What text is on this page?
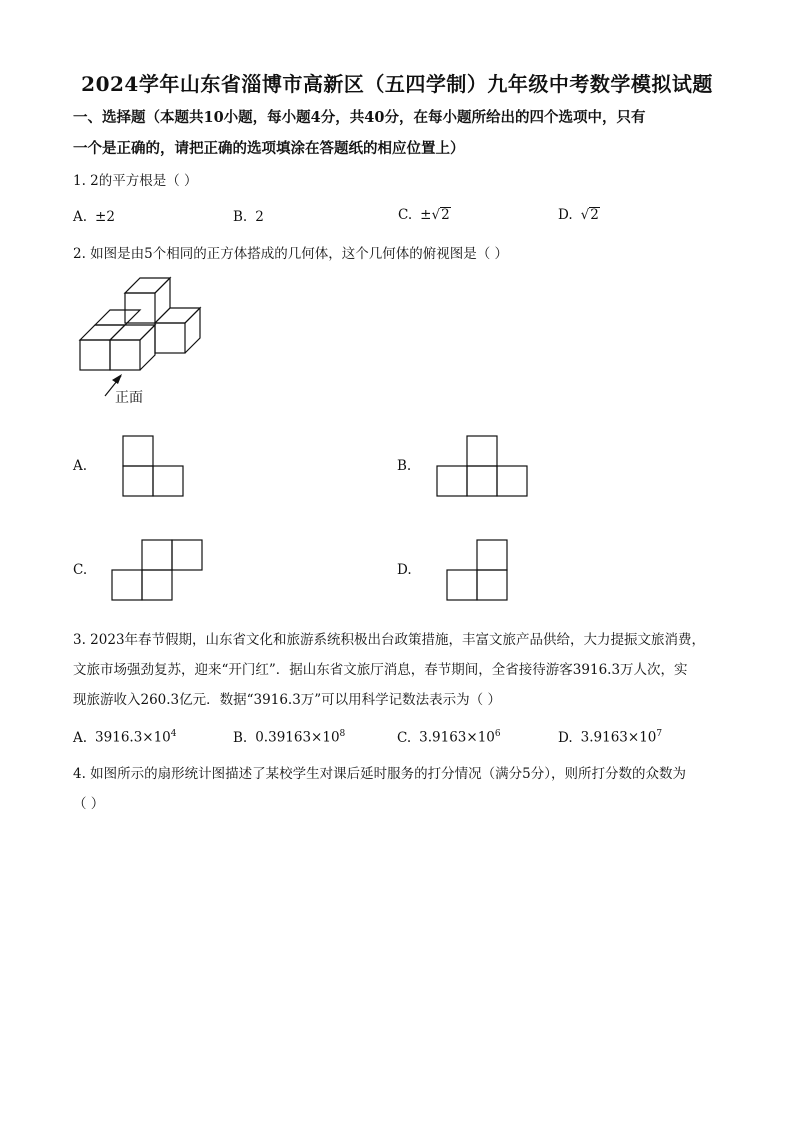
2024学年山东省淄博市高新区（五四学制）九年级中考数学模拟试题
一、选择题（本题共10小题，每小题4分，共40分，在每小题所给出的四个选项中，只有
一个是正确的，请把正确的选项填涂在答题纸的相应位置上）
1. 2的平方根是（ ）
A. ±2	B. 2	C. ±√2	D. √2
2. 如图是由5个相同的正方体搭成的几何体，这个几何体的俯视图是（ ）
正面
A.	B.
C.	D.
3. 2023年春节假期，山东省文化和旅游系统积极出台政策措施，丰富文旅产品供给，大力提振文旅消费，
文旅市场强劲复苏，迎来“开门红”．据山东省文旅厅消息，春节期间，全省接待游客3916.3万人次，实
现旅游收入260.3亿元．数据“3916.3万”可以用科学记数法表示为（ ）
A. $3916.3\times 10^4$	B. $0.39163\times 10^8$	C. $3.9163\times 10^6$	D. $3.9163\times 10^7$
4. 如图所示的扇形统计图描述了某校学生对课后延时服务的打分情况（满分5分），则所打分数的众数为
（ ）
